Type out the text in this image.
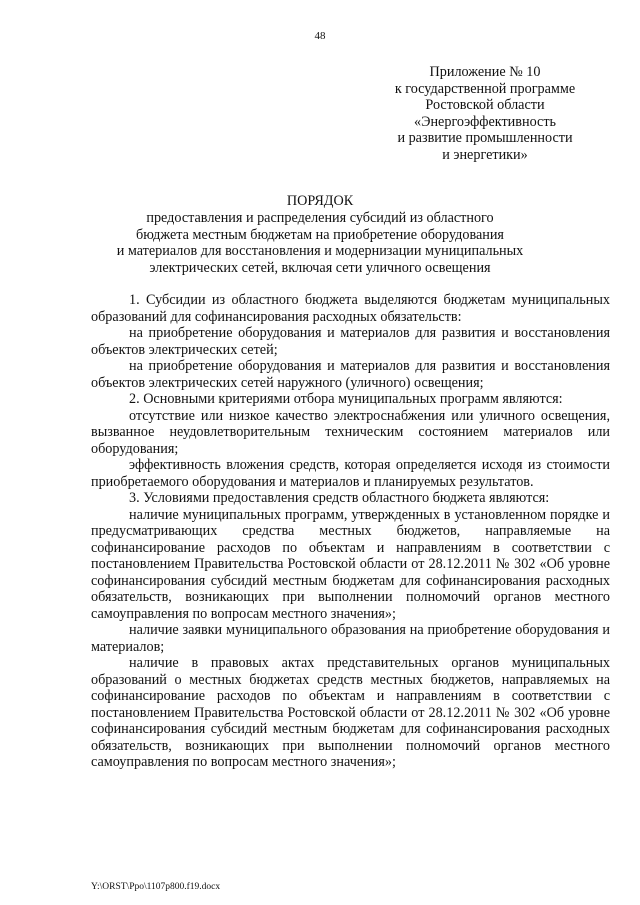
48
Приложение № 10
к государственной программе
Ростовской области
«Энергоэффективность
и развитие промышленности
и энергетики»
ПОРЯДОК
предоставления и распределения субсидий из областного
бюджета местным бюджетам на приобретение оборудования
и материалов для восстановления и модернизации муниципальных
электрических сетей, включая сети уличного освещения

1. Субсидии из областного бюджета выделяются бюджетам муниципальных образований для софинансирования расходных обязательств:

на приобретение оборудования и материалов для развития и восстановления объектов электрических сетей;

на приобретение оборудования и материалов для развития и восстановления объектов электрических сетей наружного (уличного) освещения;

2. Основными критериями отбора муниципальных программ являются:

отсутствие или низкое качество электроснабжения или уличного освещения, вызванное неудовлетворительным техническим состоянием материалов или оборудования;

эффективность вложения средств, которая определяется исходя из стоимости приобретаемого оборудования и материалов и планируемых результатов.

3. Условиями предоставления средств областного бюджета являются:

наличие муниципальных программ, утвержденных в установленном порядке и предусматривающих средства местных бюджетов, направляемые на софинансирование расходов по объектам и направлениям в соответствии с постановлением Правительства Ростовской области от 28.12.2011 № 302 «Об уровне софинансирования субсидий местным бюджетам для софинансирования расходных обязательств, возникающих при выполнении полномочий органов местного самоуправления по вопросам местного значения»;

наличие заявки муниципального образования на приобретение оборудования и материалов;

наличие в правовых актах представительных органов муниципальных образований о местных бюджетах средств местных бюджетов, направляемых на софинансирование расходов по объектам и направлениям в соответствии с постановлением Правительства Ростовской области от 28.12.2011 № 302 «Об уровне софинансирования субсидий местным бюджетам для софинансирования расходных обязательств, возникающих при выполнении полномочий органов местного самоуправления по вопросам местного значения»;

Y:\ORST\Ppo\1107p800.f19.docx
